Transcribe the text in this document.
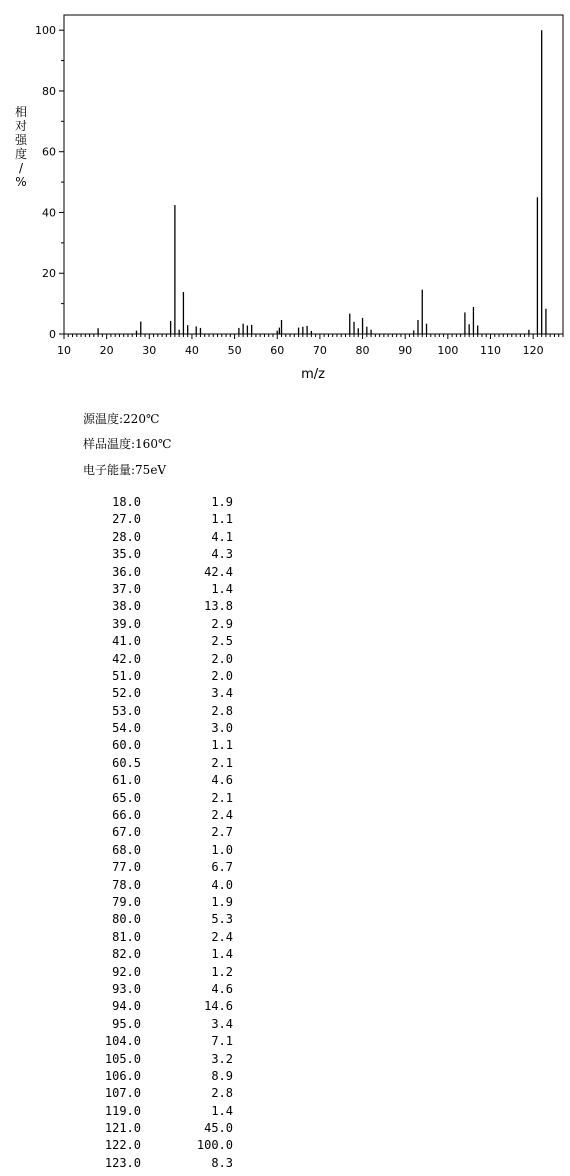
10	20	30	40	50	60	70	80	90 100 110 120
0
20
40
60
80
100
m/z
相
对
强
度
/
%
源温度:220℃
样品温度:160℃
电子能量:75eV
18.0	1.9
27.0	1.1
28.0	4.1
35.0	4.3
36.0	42.4
37.0	1.4
38.0	13.8
39.0	2.9
41.0	2.5
42.0	2.0
51.0	2.0
52.0	3.4
53.0	2.8
54.0	3.0
60.0	1.1
60.5	2.1
61.0	4.6
65.0	2.1
66.0	2.4
67.0	2.7
68.0	1.0
77.0	6.7
78.0	4.0
79.0	1.9
80.0	5.3
81.0	2.4
82.0	1.4
92.0	1.2
93.0	4.6
94.0	14.6
95.0	3.4
104.0	7.1
105.0	3.2
106.0	8.9
107.0	2.8
119.0	1.4
121.0	45.0
122.0	100.0
123.0	8.3
